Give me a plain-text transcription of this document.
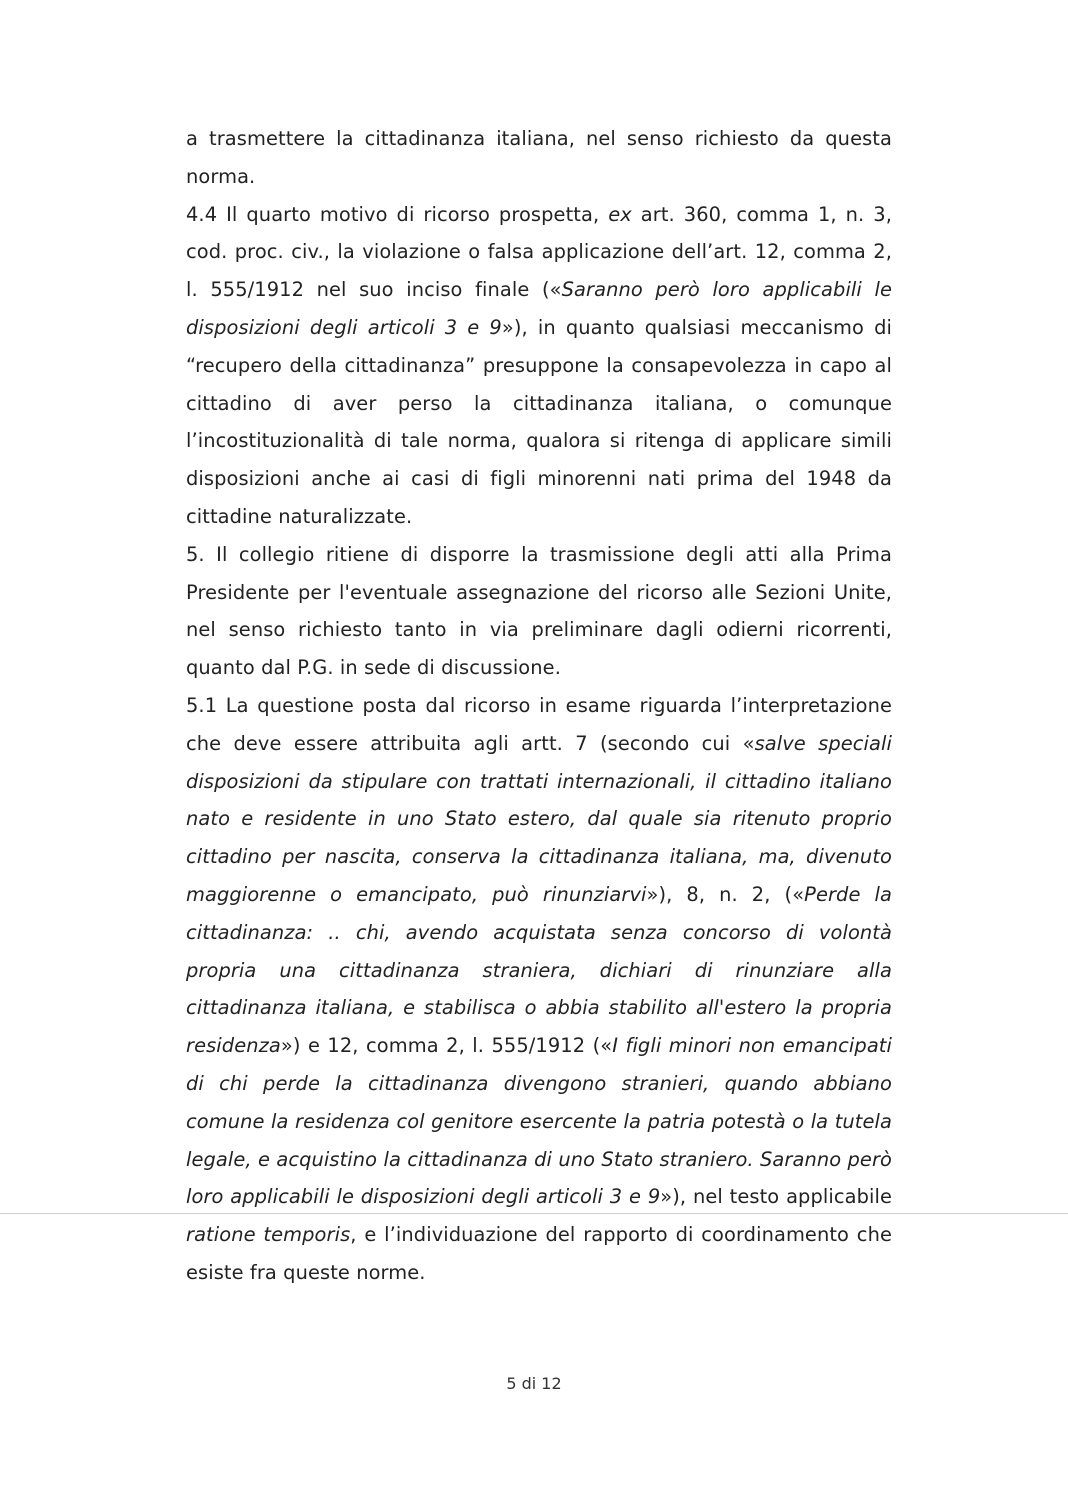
a trasmettere la cittadinanza italiana, nel senso richiesto da questa norma.

4.4 Il quarto motivo di ricorso prospetta, ex art. 360, comma 1, n. 3, cod. proc. civ., la violazione o falsa applicazione dell’art. 12, comma 2, l. 555/1912 nel suo inciso finale («Saranno però loro applicabili le disposizioni degli articoli 3 e 9»), in quanto qualsiasi meccanismo di “recupero della cittadinanza” presuppone la consapevolezza in capo al cittadino di aver perso la cittadinanza italiana, o comunque l’incostituzionalità di tale norma, qualora si ritenga di applicare simili disposizioni anche ai casi di figli minorenni nati prima del 1948 da cittadine naturalizzate.

5. Il collegio ritiene di disporre la trasmissione degli atti alla Prima Presidente per l'eventuale assegnazione del ricorso alle Sezioni Unite, nel senso richiesto tanto in via preliminare dagli odierni ricorrenti, quanto dal P.G. in sede di discussione.

5.1 La questione posta dal ricorso in esame riguarda l’interpretazione che deve essere attribuita agli artt. 7 (secondo cui «salve speciali disposizioni da stipulare con trattati internazionali, il cittadino italiano nato e residente in uno Stato estero, dal quale sia ritenuto proprio cittadino per nascita, conserva la cittadinanza italiana, ma, divenuto maggiorenne o emancipato, può rinunziarvi»), 8, n. 2, («Perde la cittadinanza: .. chi, avendo acquistata senza concorso di volontà propria una cittadinanza straniera, dichiari di rinunziare alla cittadinanza italiana, e stabilisca o abbia stabilito all'estero la propria residenza») e 12, comma 2, l. 555/1912 («I figli minori non emancipati di chi perde la cittadinanza divengono stranieri, quando abbiano comune la residenza col genitore esercente la patria potestà o la tutela legale, e acquistino la cittadinanza di uno Stato straniero. Saranno però loro applicabili le disposizioni degli articoli 3 e 9»), nel testo applicabile ratione temporis, e l’individuazione del rapporto di coordinamento che esiste fra queste norme.

5 di 12
